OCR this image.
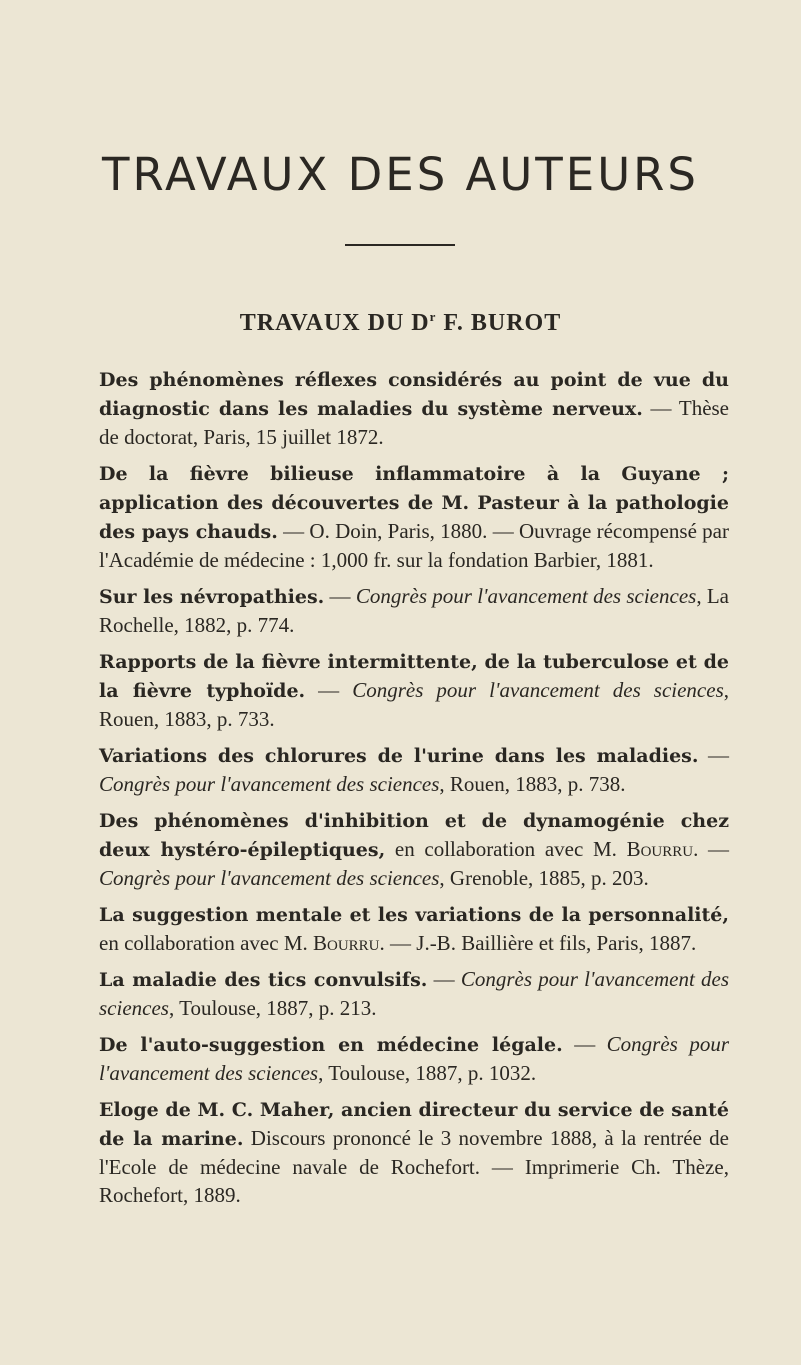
TRAVAUX DES AUTEURS
TRAVAUX DU $D^r$ F. BUROT

Des phénomènes réflexes considérés au point de vue du diagnostic dans les maladies du système nerveux. — Thèse de doctorat, Paris, 15 juillet 1872.

De la fièvre bilieuse inflammatoire à la Guyane ; application des découvertes de M. Pasteur à la pathologie des pays chauds. — O. Doin, Paris, 1880. — Ouvrage récompensé par l'Académie de médecine : 1,000 fr. sur la fondation Barbier, 1881.

Sur les névropathies. — Congrès pour l'avancement des sciences, La Rochelle, 1882, p. 774.

Rapports de la fièvre intermittente, de la tuberculose et de la fièvre typhoïde. — Congrès pour l'avancement des sciences, Rouen, 1883, p. 733.

Variations des chlorures de l'urine dans les maladies. — Congrès pour l'avancement des sciences, Rouen, 1883, p. 738.

Des phénomènes d'inhibition et de dynamogénie chez deux hystéro-épileptiques, en collaboration avec M. Bourru. — Congrès pour l'avancement des sciences, Grenoble, 1885, p. 203.

La suggestion mentale et les variations de la personnalité, en collaboration avec M. Bourru. — J.-B. Baillière et fils, Paris, 1887.

La maladie des tics convulsifs. — Congrès pour l'avancement des sciences, Toulouse, 1887, p. 213.

De l'auto-suggestion en médecine légale. — Congrès pour l'avancement des sciences, Toulouse, 1887, p. 1032.

Eloge de M. C. Maher, ancien directeur du service de santé de la marine. Discours prononcé le 3 novembre 1888, à la rentrée de l'Ecole de médecine navale de Rochefort. — Imprimerie Ch. Thèze, Rochefort, 1889.
